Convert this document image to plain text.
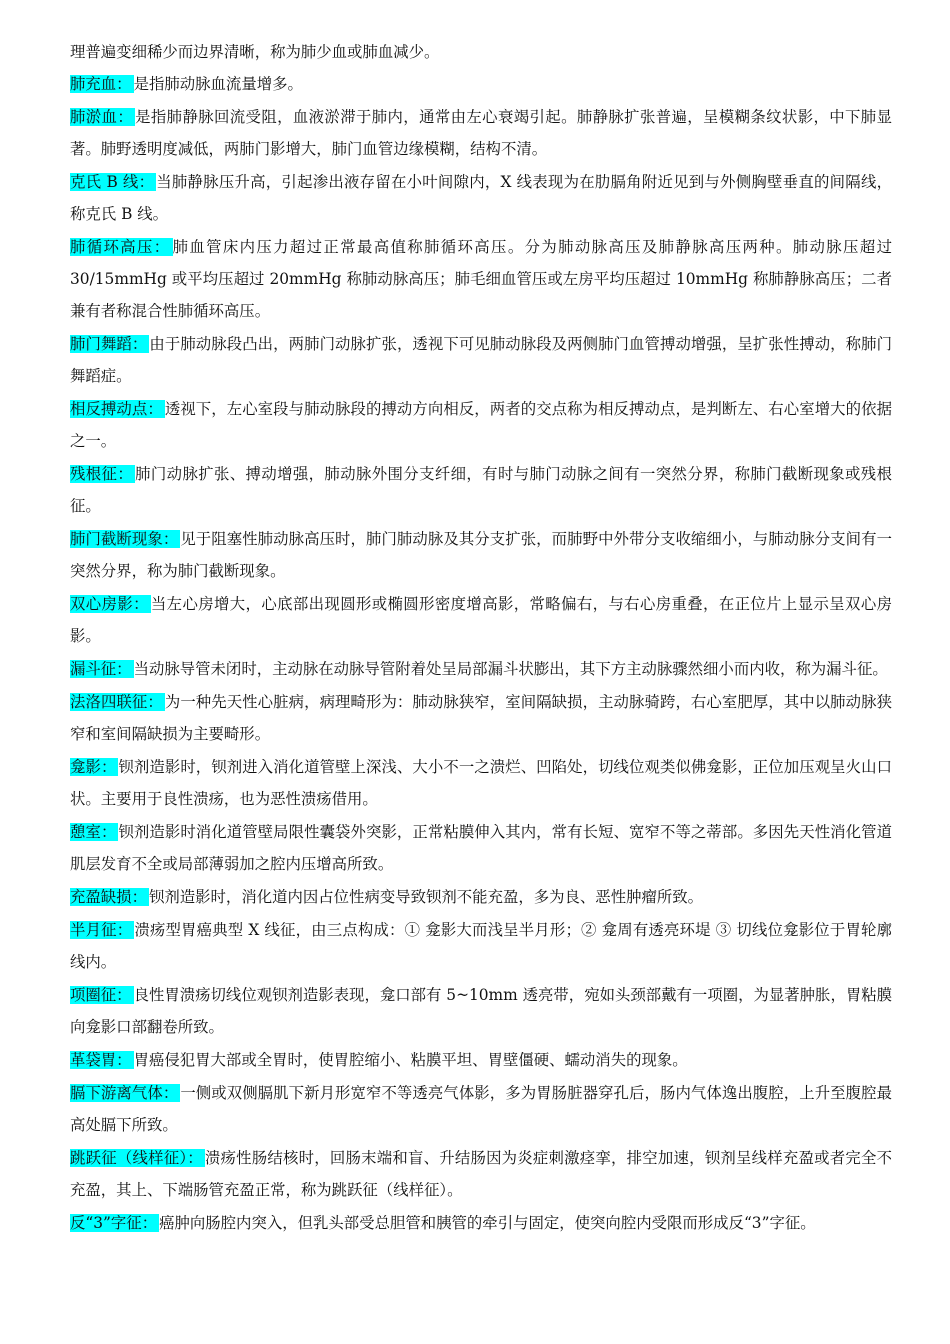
理普遍变细稀少而边界清晰，称为肺少血或肺血减少。
肺充血： 是指肺动脉血流量增多。
肺淤血： 是指肺静脉回流受阻，血液淤滞于肺内，通常由左心衰竭引起。肺静脉扩张普遍，呈模糊条纹状影，中下肺显著。肺野透明度减低，两肺门影增大，肺门血管边缘模糊，结构不清。
克氏 B 线： 当肺静脉压升高，引起渗出液存留在小叶间隙内，X 线表现为在肋膈角附近见到与外侧胸壁垂直的间隔线，称克氏 B 线。
肺循环高压： 肺血管床内压力超过正常最高值称肺循环高压。分为肺动脉高压及肺静脉高压两种。肺动脉压超过 30/15mmHg 或平均压超过 20mmHg 称肺动脉高压；肺毛细血管压或左房平均压超过 10mmHg 称肺静脉高压；二者兼有者称混合性肺循环高压。
肺门舞蹈： 由于肺动脉段凸出，两肺门动脉扩张，透视下可见肺动脉段及两侧肺门血管搏动增强，呈扩张性搏动，称肺门舞蹈症。
相反搏动点： 透视下，左心室段与肺动脉段的搏动方向相反，两者的交点称为相反搏动点，是判断左、右心室增大的依据之一。
残根征： 肺门动脉扩张、搏动增强，肺动脉外围分支纤细，有时与肺门动脉之间有一突然分界，称肺门截断现象或残根征。
肺门截断现象： 见于阻塞性肺动脉高压时，肺门肺动脉及其分支扩张，而肺野中外带分支收缩细小，与肺动脉分支间有一突然分界，称为肺门截断现象。
双心房影： 当左心房增大，心底部出现圆形或椭圆形密度增高影，常略偏右，与右心房重叠，在正位片上显示呈双心房影。
漏斗征： 当动脉导管未闭时，主动脉在动脉导管附着处呈局部漏斗状膨出，其下方主动脉骤然细小而内收，称为漏斗征。
法洛四联征： 为一种先天性心脏病，病理畸形为：肺动脉狭窄，室间隔缺损，主动脉骑跨，右心室肥厚，其中以肺动脉狭窄和室间隔缺损为主要畸形。
龛影： 钡剂造影时，钡剂进入消化道管壁上深浅、大小不一之溃烂、凹陷处，切线位观类似佛龛影，正位加压观呈火山口状。主要用于良性溃疡，也为恶性溃疡借用。
憩室： 钡剂造影时消化道管壁局限性囊袋外突影，正常粘膜伸入其内，常有长短、宽窄不等之蒂部。多因先天性消化管道肌层发育不全或局部薄弱加之腔内压增高所致。
充盈缺损： 钡剂造影时，消化道内因占位性病变导致钡剂不能充盈，多为良、恶性肿瘤所致。
半月征： 溃疡型胃癌典型 X 线征，由三点构成：① 龛影大而浅呈半月形；② 龛周有透亮环堤 ③ 切线位龛影位于胃轮廓线内。
项圈征： 良性胃溃疡切线位观钡剂造影表现，龛口部有 5~10mm 透亮带，宛如头颈部戴有一项圈，为显著肿胀，胃粘膜向龛影口部翻卷所致。
革袋胃： 胃癌侵犯胃大部或全胃时，使胃腔缩小、粘膜平坦、胃壁僵硬、蠕动消失的现象。
膈下游离气体： 一侧或双侧膈肌下新月形宽窄不等透亮气体影，多为胃肠脏器穿孔后，肠内气体逸出腹腔，上升至腹腔最高处膈下所致。
跳跃征（线样征）： 溃疡性肠结核时，回肠末端和盲、升结肠因为炎症刺激痉挛，排空加速，钡剂呈线样充盈或者完全不充盈，其上、下端肠管充盈正常，称为跳跃征（线样征）。
反“3”字征： 癌肿向肠腔内突入，但乳头部受总胆管和胰管的牵引与固定，使突向腔内受限而形成反“3”字征。
